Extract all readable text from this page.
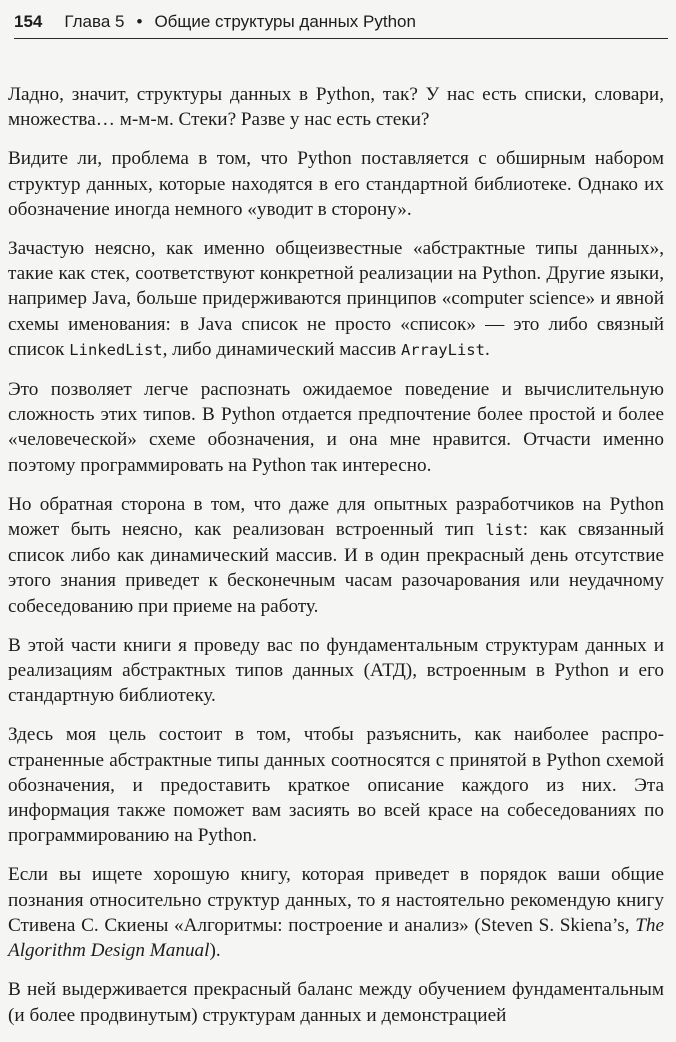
154 Глава 5 • Общие структуры данных Python

Ладно, значит, структуры данных в Python, так? У нас есть списки, словари, множества… м-м-м. Стеки? Разве у нас есть стеки?

Видите ли, проблема в том, что Python поставляется с обширным набором структур данных, которые находятся в его стандартной библиотеке. Однако их обозначение иногда немного «уводит в сторону».

Зачастую неясно, как именно общеизвестные «абстрактные типы данных», такие как стек, соответствуют конкретной реализации на Python. Другие языки, например Java, больше придерживаются принципов «computer science» и явной схемы именования: в Java список не просто «список» — это либо связный список LinkedList, либо динамический массив ArrayList.

Это позволяет легче распознать ожидаемое поведение и вычислительную сложность этих типов. В Python отдается предпочтение более простой и более «человеческой» схеме обозначения, и она мне нравится. Отчасти именно поэтому программировать на Python так интересно.

Но обратная сторона в том, что даже для опытных разработчиков на Python может быть неясно, как реализован встроенный тип list: как связанный список либо как динамический массив. И в один прекрасный день отсутствие этого знания приведет к бесконечным часам разочарования или неудачному собеседованию при приеме на работу.

В этой части книги я проведу вас по фундаментальным структурам данных и реализациям абстрактных типов данных (АТД), встроенным в Python и его стандартную библиотеку.

Здесь моя цель состоит в том, чтобы разъяснить, как наиболее распространенные абстрактные типы данных соотносятся с принятой в Python схемой обозначения, и предоставить краткое описание каждого из них. Эта информация также поможет вам засиять во всей красе на собеседованиях по программированию на Python.

Если вы ищете хорошую книгу, которая приведет в порядок ваши общие познания относительно структур данных, то я настоятельно рекомендую книгу Стивена С. Скиены «Алгоритмы: построение и анализ» (Steven S. Skiena’s, The Algorithm Design Manual).

В ней выдерживается прекрасный баланс между обучением фундаментальным (и более продвинутым) структурам данных и демонстрацией
